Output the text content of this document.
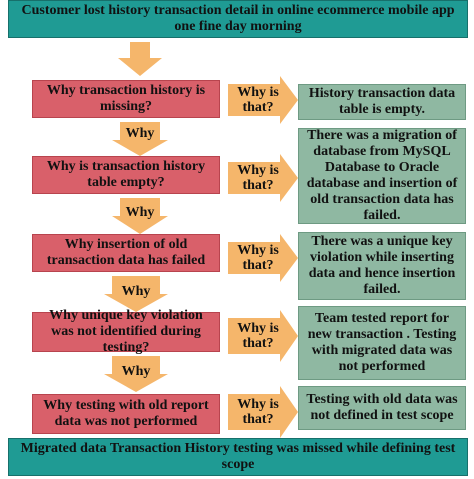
Customer lost history transaction detail in online ecommerce mobile app one fine day morning
Why transaction history is missing?
Why is that?
History transaction data table is empty.
Why
Why is transaction history table empty?
Why is that?
There was a migration of database from MySQL Database to Oracle database and insertion of old transaction data has failed.
Why
Why insertion of old transaction data has failed
Why is that?
There was a unique key violation while inserting data and hence insertion failed.
Why
Why unique key violation was not identified during testing?
Why is that?
Team tested report for new transaction . Testing with migrated data was not performed
Why
Why testing with old report data was not performed
Why is that?
Testing with old data was not defined in test scope
Migrated data Transaction History testing was missed while defining test scope
